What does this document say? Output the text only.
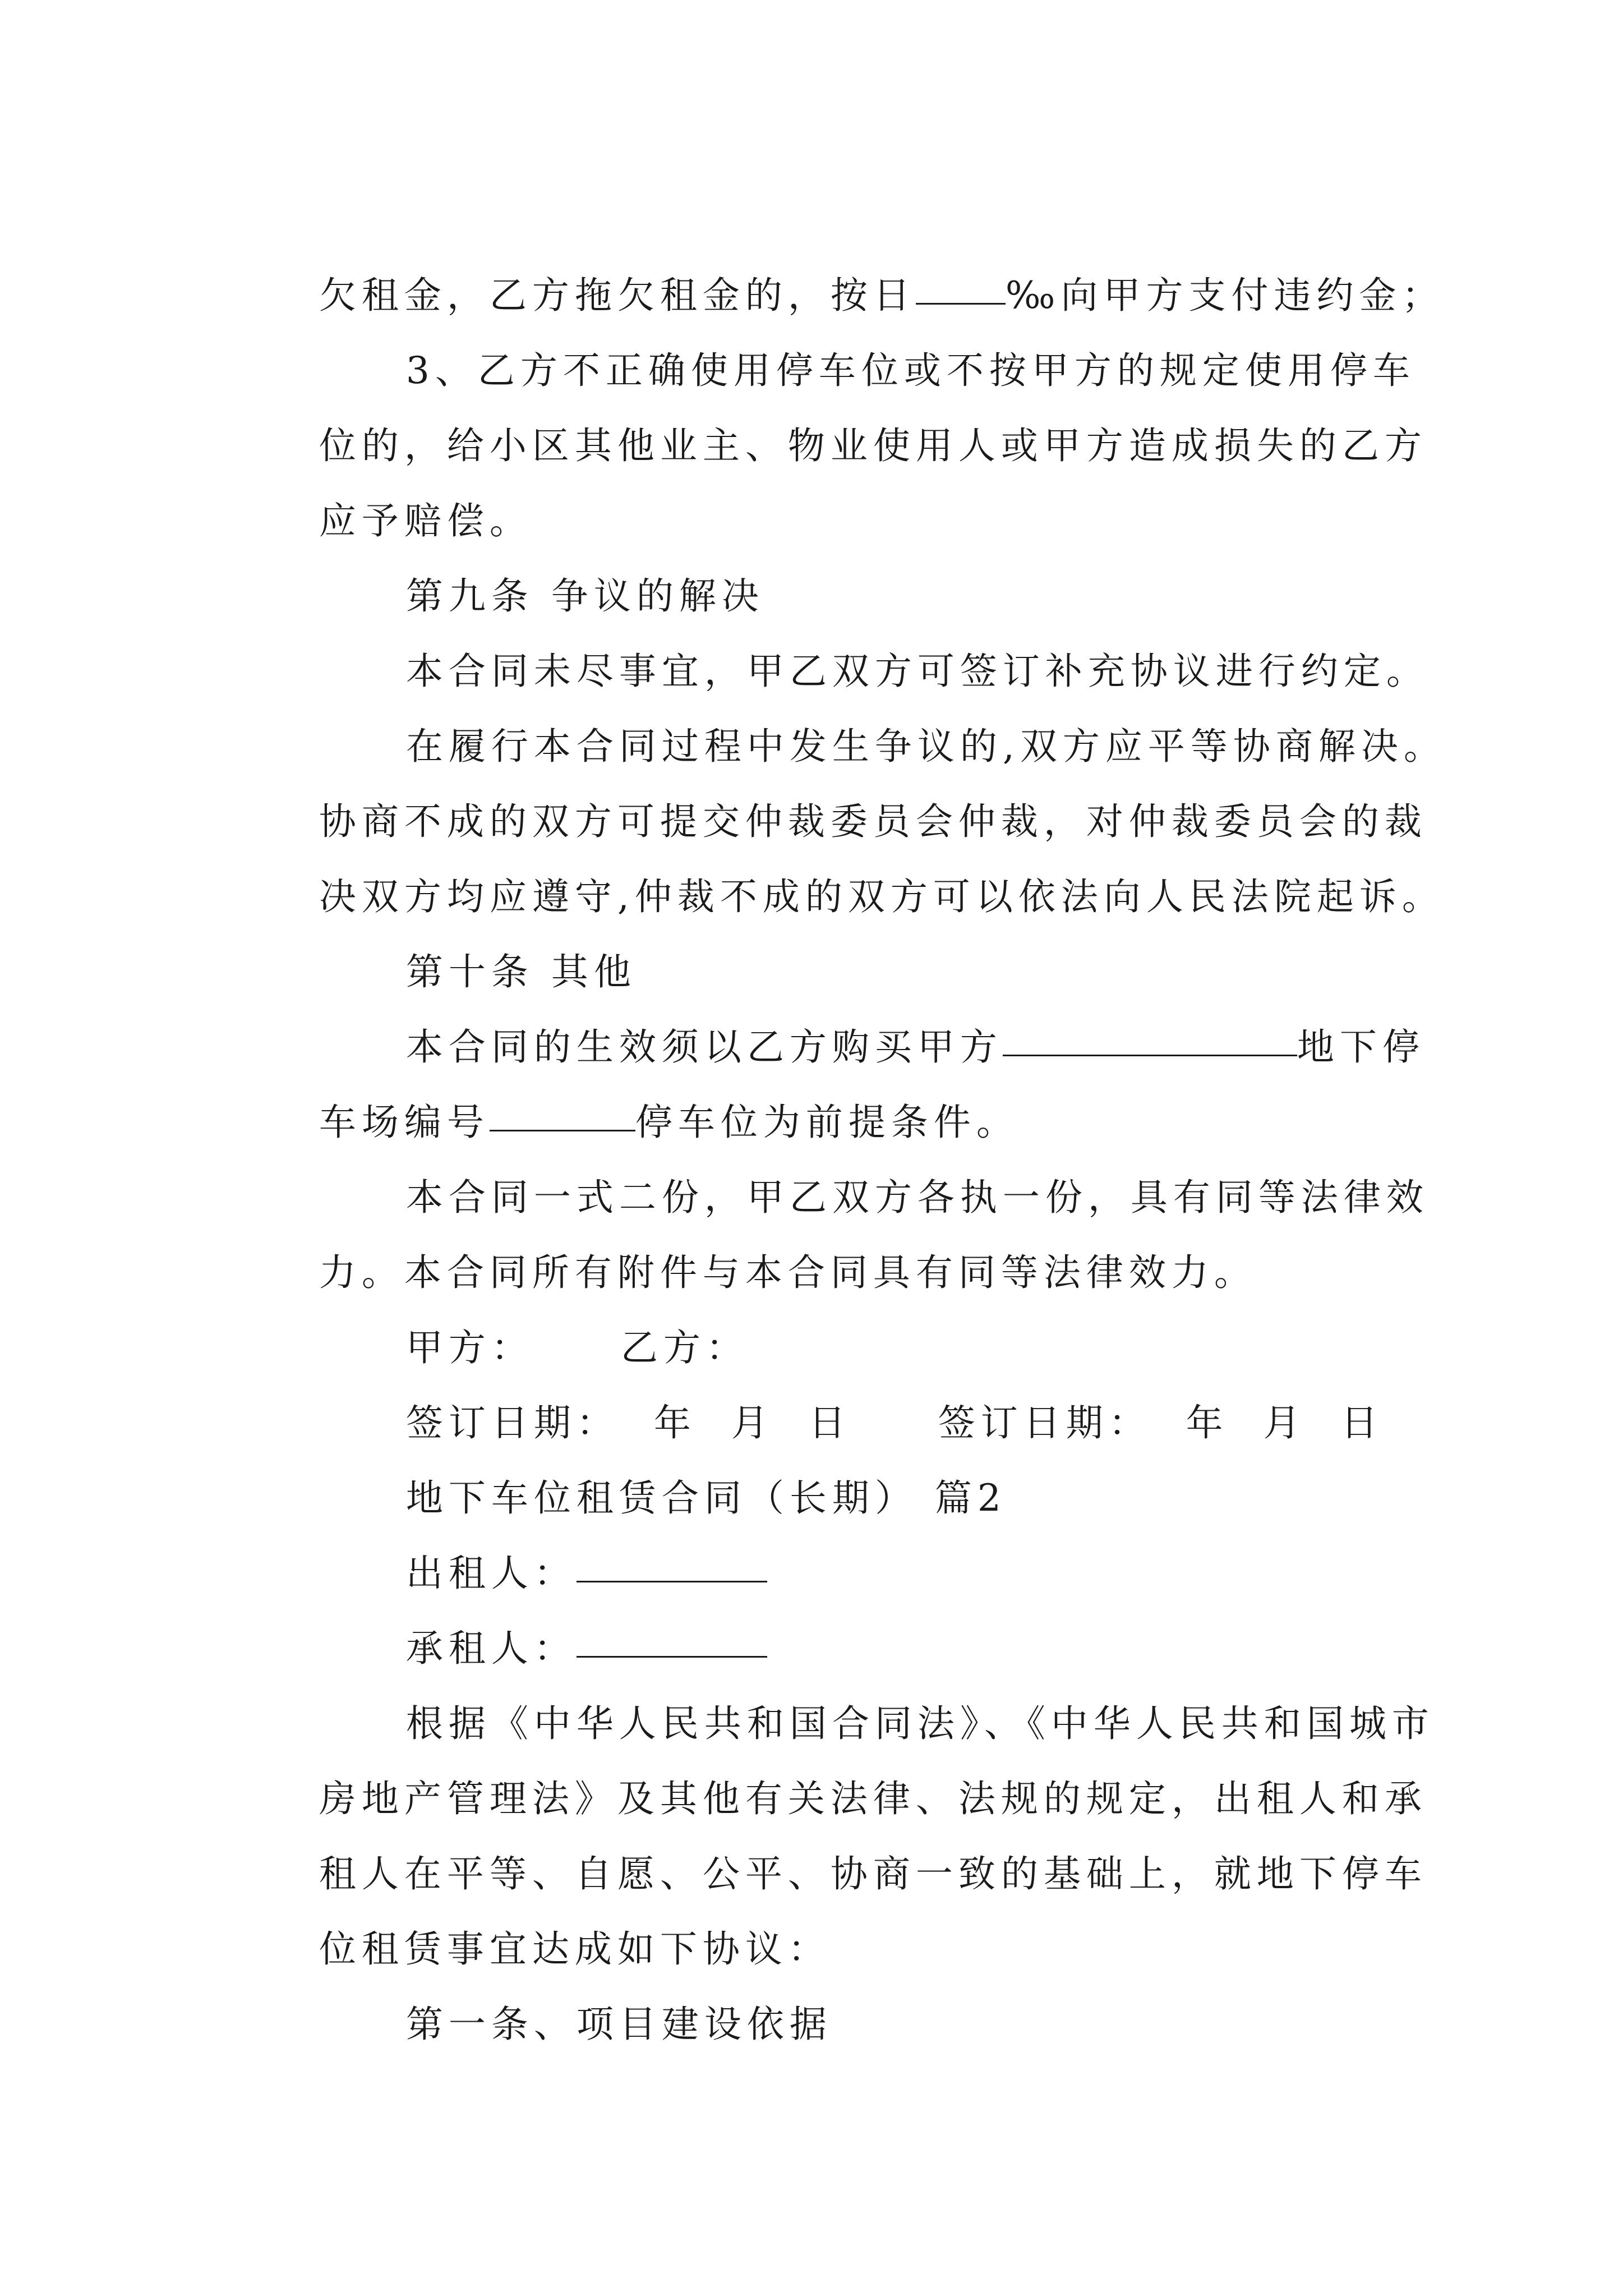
欠租金，乙方拖欠租金的，按日 ‰向甲方支付违约金；

3、乙方不正确使用停车位或不按甲方的规定使用停车

位的，给小区其他业主、物业使用人或甲方造成损失的乙方

应予赔偿。

第九条 争议的解决

本合同未尽事宜，甲乙双方可签订补充协议进行约定。

在履行本合同过程中发生争议的,双方应平等协商解决。

协商不成的双方可提交仲裁委员会仲裁，对仲裁委员会的裁

决双方均应遵守,仲裁不成的双方可以依法向人民法院起诉。

第十条 其他

本合同的生效须以乙方购买甲方	地下停

车场编号	停车位为前提条件。

本合同一式二份，甲乙双方各执一份，具有同等法律效

力。本合同所有附件与本合同具有同等法律效力。

甲方：     乙方：

签订日期：  年  月  日     签订日期：  年  月  日

地下车位租赁合同（长期） 篇2

出租人：

承租人：

根据《中华人民共和国合同法》、《中华人民共和国城市

房地产管理法》及其他有关法律、法规的规定，出租人和承

租人在平等、自愿、公平、协商一致的基础上，就地下停车

位租赁事宜达成如下协议：

第一条、项目建设依据
